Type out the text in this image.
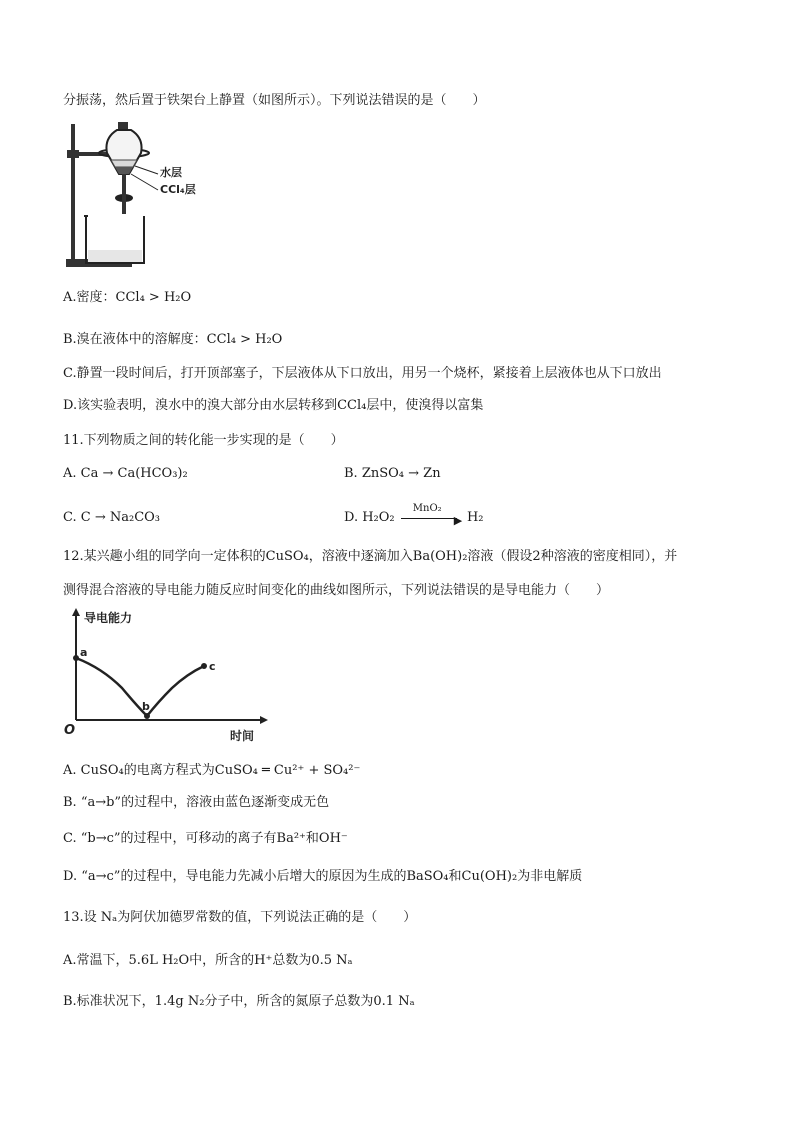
分振荡，然后置于铁架台上静置（如图所示）。下列说法错误的是（　　）
水层
CCl₄层
A.密度：CCl₄ > H₂O
B.溴在液体中的溶解度：CCl₄ > H₂O
C.静置一段时间后，打开顶部塞子，下层液体从下口放出，用另一个烧杯，紧接着上层液体也从下口放出
D.该实验表明，溴水中的溴大部分由水层转移到CCl₄层中，使溴得以富集
11.下列物质之间的转化能一步实现的是（　　）
A. Ca → Ca(HCO₃)₂	B. ZnSO₄ → Zn
C. C → Na₂CO₃	D. H₂O₂
MnO₂
▶ H₂
12.某兴趣小组的同学向一定体积的CuSO₄，溶液中逐滴加入Ba(OH)₂溶液（假设2种溶液的密度相同），并
测得混合溶液的导电能力随反应时间变化的曲线如图所示，下列说法错误的是导电能力（　　）
导电能力
时间
O
a
b
c
A. CuSO₄的电离方程式为CuSO₄ ═ Cu²⁺ + SO₄²⁻
B. “a→b”的过程中，溶液由蓝色逐渐变成无色
C. “b→c”的过程中，可移动的离子有Ba²⁺和OH⁻
D. “a→c”的过程中，导电能力先减小后增大的原因为生成的BaSO₄和Cu(OH)₂为非电解质
13.设 Nₐ为阿伏加德罗常数的值，下列说法正确的是（　　）
A.常温下，5.6L H₂O中，所含的H⁺总数为0.5 Nₐ
B.标准状况下，1.4g N₂分子中，所含的氮原子总数为0.1 Nₐ
